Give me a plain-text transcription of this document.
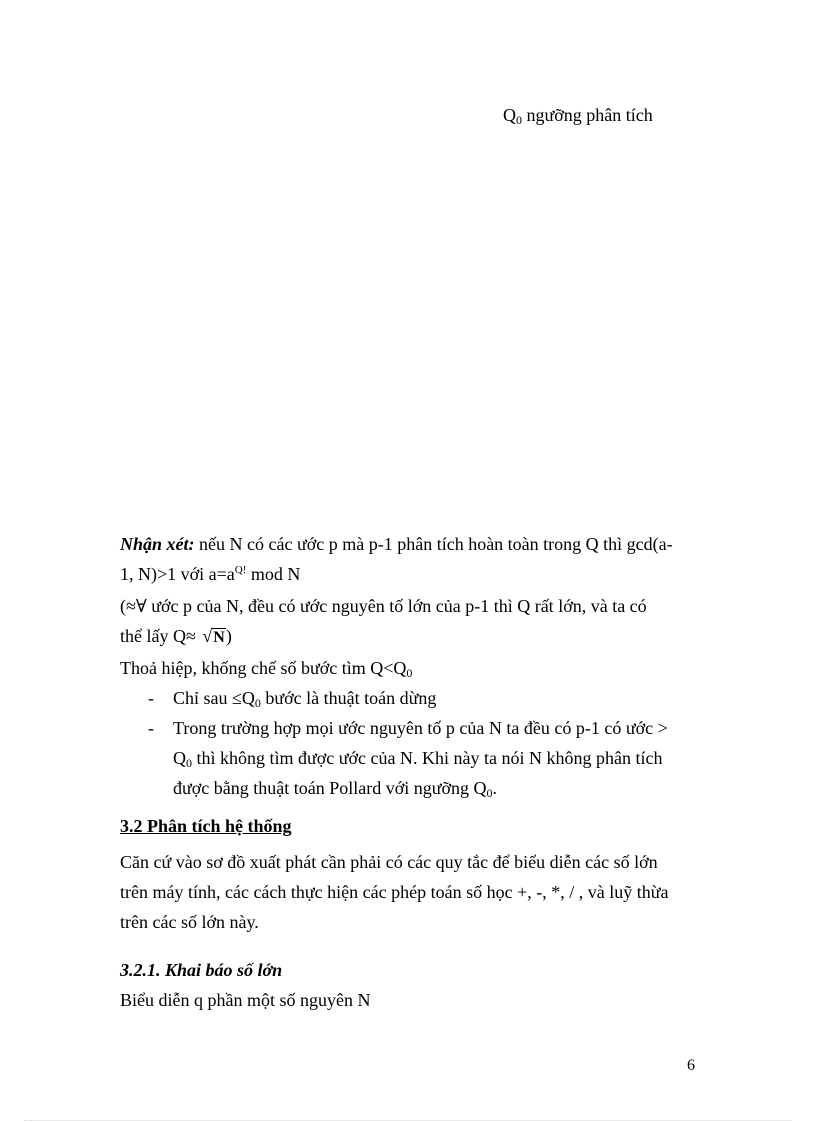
$Q_0$ ngưỡng phân tích
Nhận xét: nếu N có các ước p mà p-1 phân tích hoàn toàn trong Q thì gcd(a-
1, N)>1 với $a=a^{Q!}$ mod N
(≈∀ ước p của N, đều có ước nguyên tố lớn của p-1 thì Q rất lớn, và ta có
thể lấy Q≈ √N)
Thoả hiệp, khống chế số bước tìm $Q<Q_0$
- Chỉ sau $\le Q_0$ bước là thuật toán dừng
- Trong trường hợp mọi ước nguyên tố p của N ta đều có p-1 có ước >
$Q_0$ thì không tìm được ước của N. Khi này ta nói N không phân tích
được bằng thuật toán Pollard với ngưỡng $Q_0$.
3.2 Phân tích hệ thống
Căn cứ vào sơ đồ xuất phát cần phải có các quy tắc để biểu diễn các số lớn
trên máy tính, các cách thực hiện các phép toán số học +, -, *, / , và luỹ thừa
trên các số lớn này.
3.2.1. Khai báo số lớn
Biểu diễn q phần một số nguyên N
6
